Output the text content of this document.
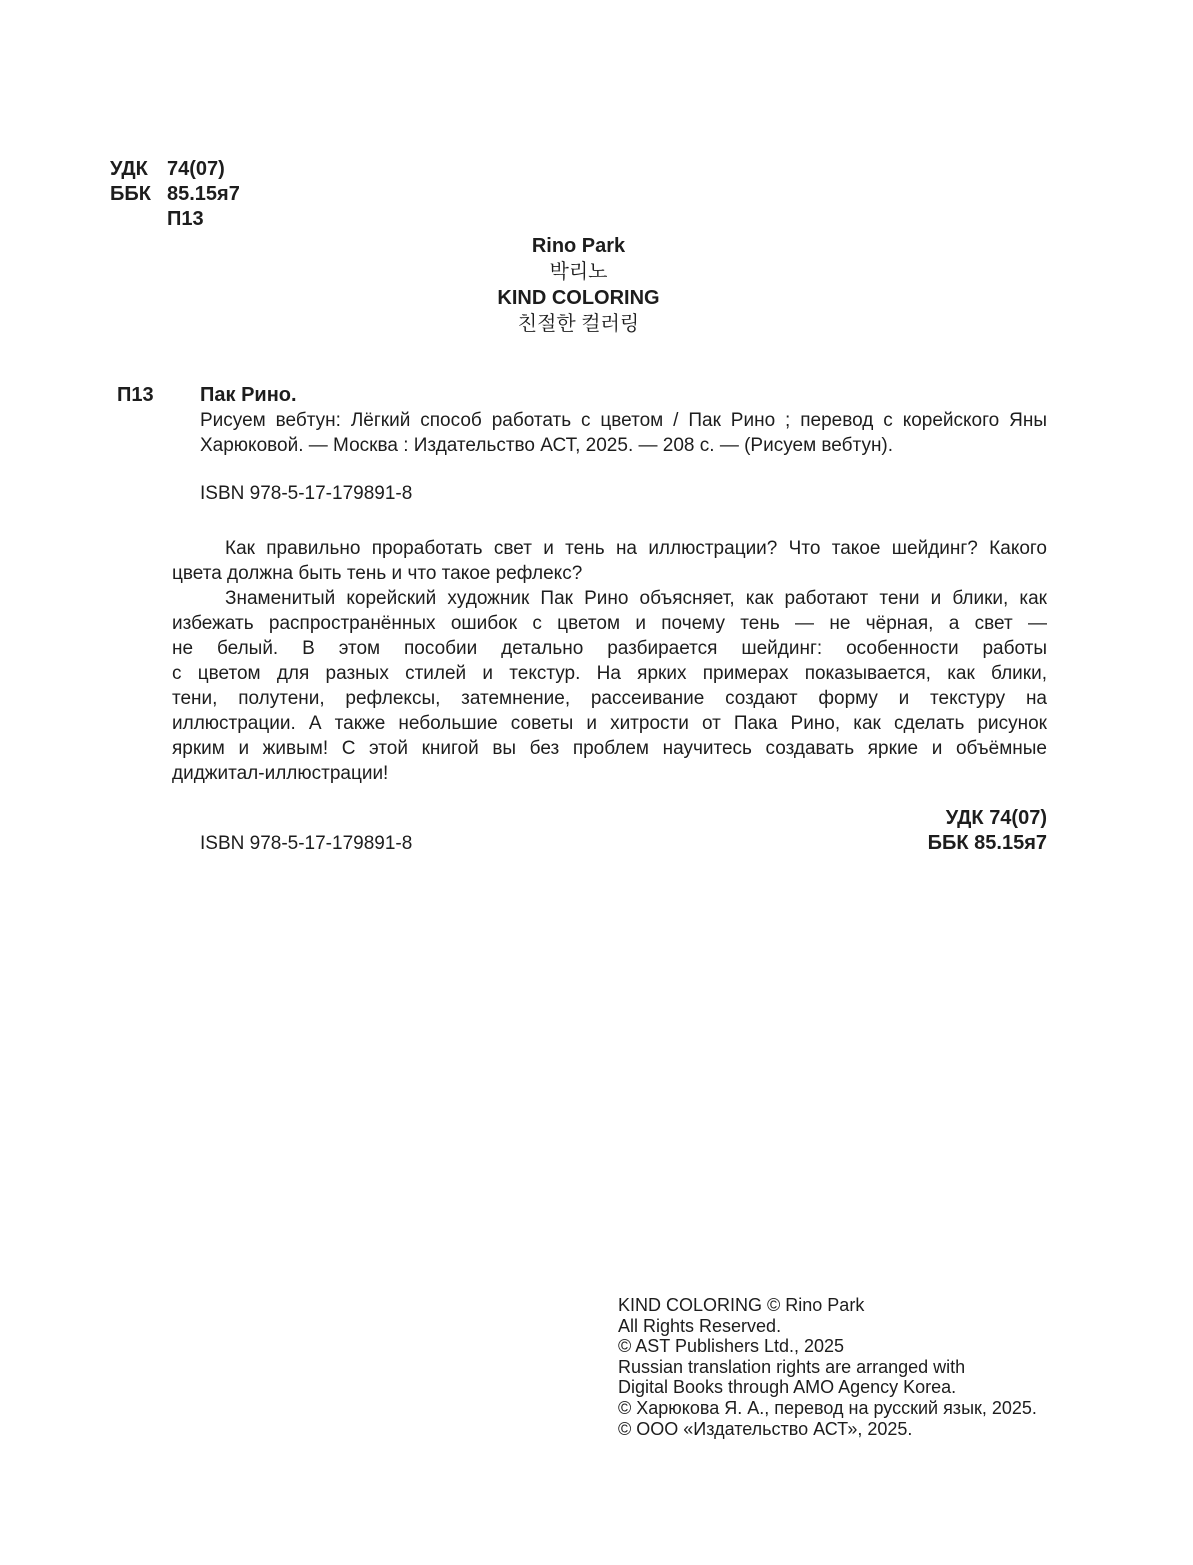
УДК 74(07)
ББК 85.15я7
П13
Rino Park
박리노
KIND COLORING
친절한 컬러링
П13 Пак Рино.
Рисуем вебтун: Лёгкий способ работать с цветом / Пак Рино ; перевод с корейского Яны
Харюковой. — Москва : Издательство АСТ, 2025. — 208 с. — (Рисуем вебтун).
ISBN 978-5-17-179891-8
Как правильно проработать свет и тень на иллюстрации? Что такое шейдинг? Какого
цвета должна быть тень и что такое рефлекс?
Знаменитый корейский художник Пак Рино объясняет, как работают тени и блики, как
избежать распространённых ошибок с цветом и почему тень — не чёрная, а свет —
не белый. В этом пособии детально разбирается шейдинг: особенности работы
с цветом для разных стилей и текстур. На ярких примерах показывается, как блики,
тени, полутени, рефлексы, затемнение, рассеивание создают форму и текстуру на
иллюстрации. А также небольшие советы и хитрости от Пака Рино, как сделать рисунок
ярким и живым! С этой книгой вы без проблем научитесь создавать яркие и объёмные
диджитал-иллюстрации!
УДК 74(07)
ISBN 978-5-17-179891-8	ББК 85.15я7
KIND COLORING © Rino Park
All Rights Reserved.
© AST Publishers Ltd., 2025
Russian translation rights are arranged with
Digital Books through AMO Agency Korea.
© Харюкова Я. А., перевод на русский язык, 2025.
© ООО «Издательство АСТ», 2025.
